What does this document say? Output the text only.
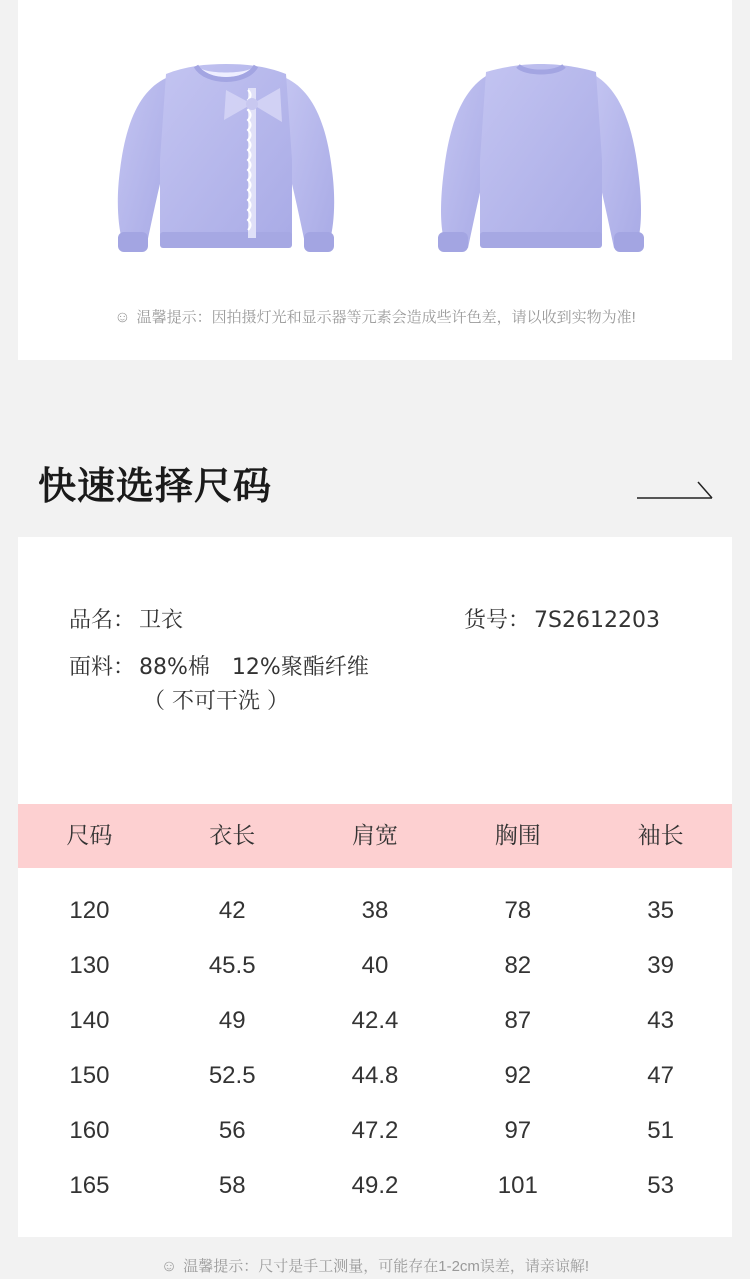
☺ 温馨提示：因拍摄灯光和显示器等元素会造成些许色差，请以收到实物为准!
快速选择尺码
品名： 卫衣	货号： 7S2612203
面料： 88%棉　12%聚酯纤维
（ 不可干洗 ）
尺码	衣长	肩宽	胸围	袖长
120	42	38	78	35
130	45.5	40	82	39
140	49	42.4	87	43
150	52.5	44.8	92	47
160	56	47.2	97	51
165	58	49.2	101	53
☺ 温馨提示：尺寸是手工测量，可能存在1-2cm误差，请亲谅解!
